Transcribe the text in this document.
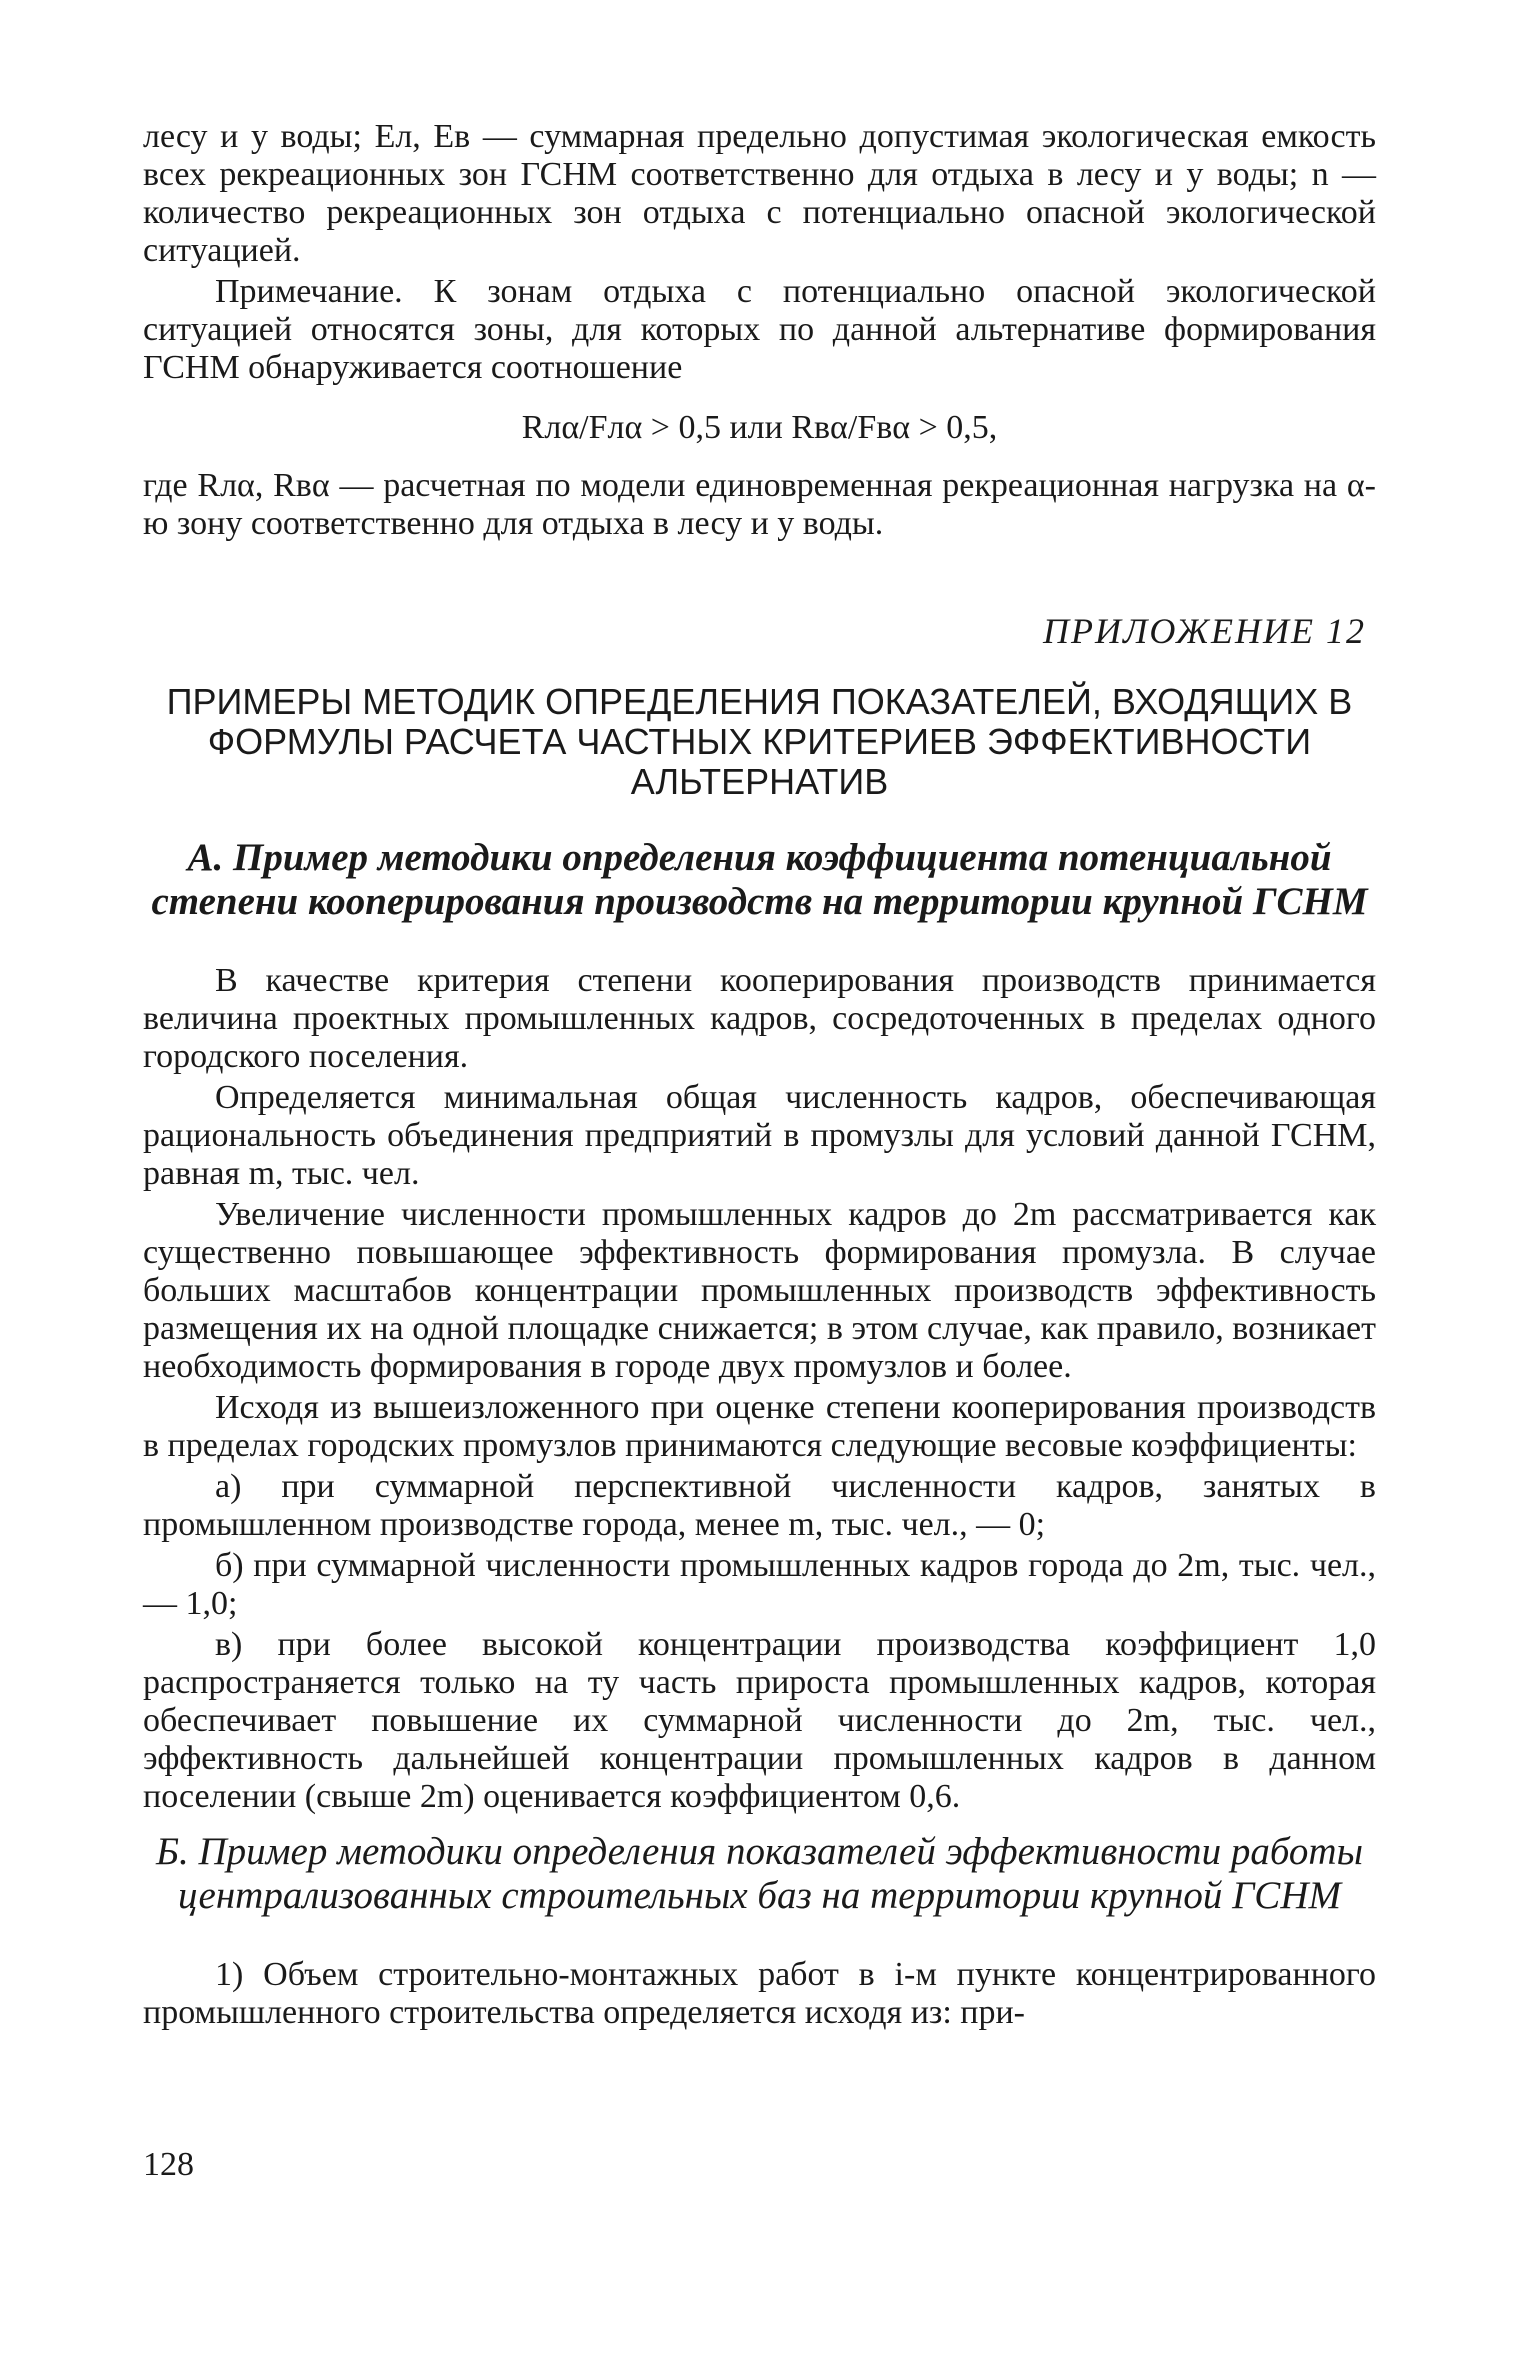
лесу и у воды; Eл, Eв — суммарная предельно допустимая экологическая емкость всех рекреационных зон ГСНМ соответственно для отдыха в лесу и у воды; n — количество рекреационных зон отдыха с потенциально опасной экологической ситуацией.

Примечание. К зонам отдыха с потенциально опасной экологической ситуацией относятся зоны, для которых по данной альтернативе формирования ГСНМ обнаруживается соотношение

Rлα/Fлα > 0,5 или Rвα/Fвα > 0,5,

где Rлα, Rвα — расчетная по модели единовременная рекреационная нагрузка на α-ю зону соответственно для отдыха в лесу и у воды.

ПРИЛОЖЕНИЕ 12
ПРИМЕРЫ МЕТОДИК ОПРЕДЕЛЕНИЯ ПОКАЗАТЕЛЕЙ, ВХОДЯЩИХ В ФОРМУЛЫ РАСЧЕТА ЧАСТНЫХ КРИТЕРИЕВ ЭФФЕКТИВНОСТИ АЛЬТЕРНАТИВ
А. Пример методики определения коэффициента потенциальной степени кооперирования производств на территории крупной ГСНМ

В качестве критерия степени кооперирования производств принимается величина проектных промышленных кадров, сосредоточенных в пределах одного городского поселения.

Определяется минимальная общая численность кадров, обеспечивающая рациональность объединения предприятий в промузлы для условий данной ГСНМ, равная m, тыс. чел.

Увеличение численности промышленных кадров до 2m рассматривается как существенно повышающее эффективность формирования промузла. В случае больших масштабов концентрации промышленных производств эффективность размещения их на одной площадке снижается; в этом случае, как правило, возникает необходимость формирования в городе двух промузлов и более.

Исходя из вышеизложенного при оценке степени кооперирования производств в пределах городских промузлов принимаются следующие весовые коэффициенты:

а) при суммарной перспективной численности кадров, занятых в промышленном производстве города, менее m, тыс. чел., — 0;

б) при суммарной численности промышленных кадров города до 2m, тыс. чел., — 1,0;

в) при более высокой концентрации производства коэффициент 1,0 распространяется только на ту часть прироста промышленных кадров, которая обеспечивает повышение их суммарной численности до 2m, тыс. чел., эффективность дальнейшей концентрации промышленных кадров в данном поселении (свыше 2m) оценивается коэффициентом 0,6.

Б. Пример методики определения показателей эффективности работы централизованных строительных баз на территории крупной ГСНМ

1) Объем строительно-монтажных работ в i-м пункте концентрированного промышленного строительства определяется исходя из: при-

128
